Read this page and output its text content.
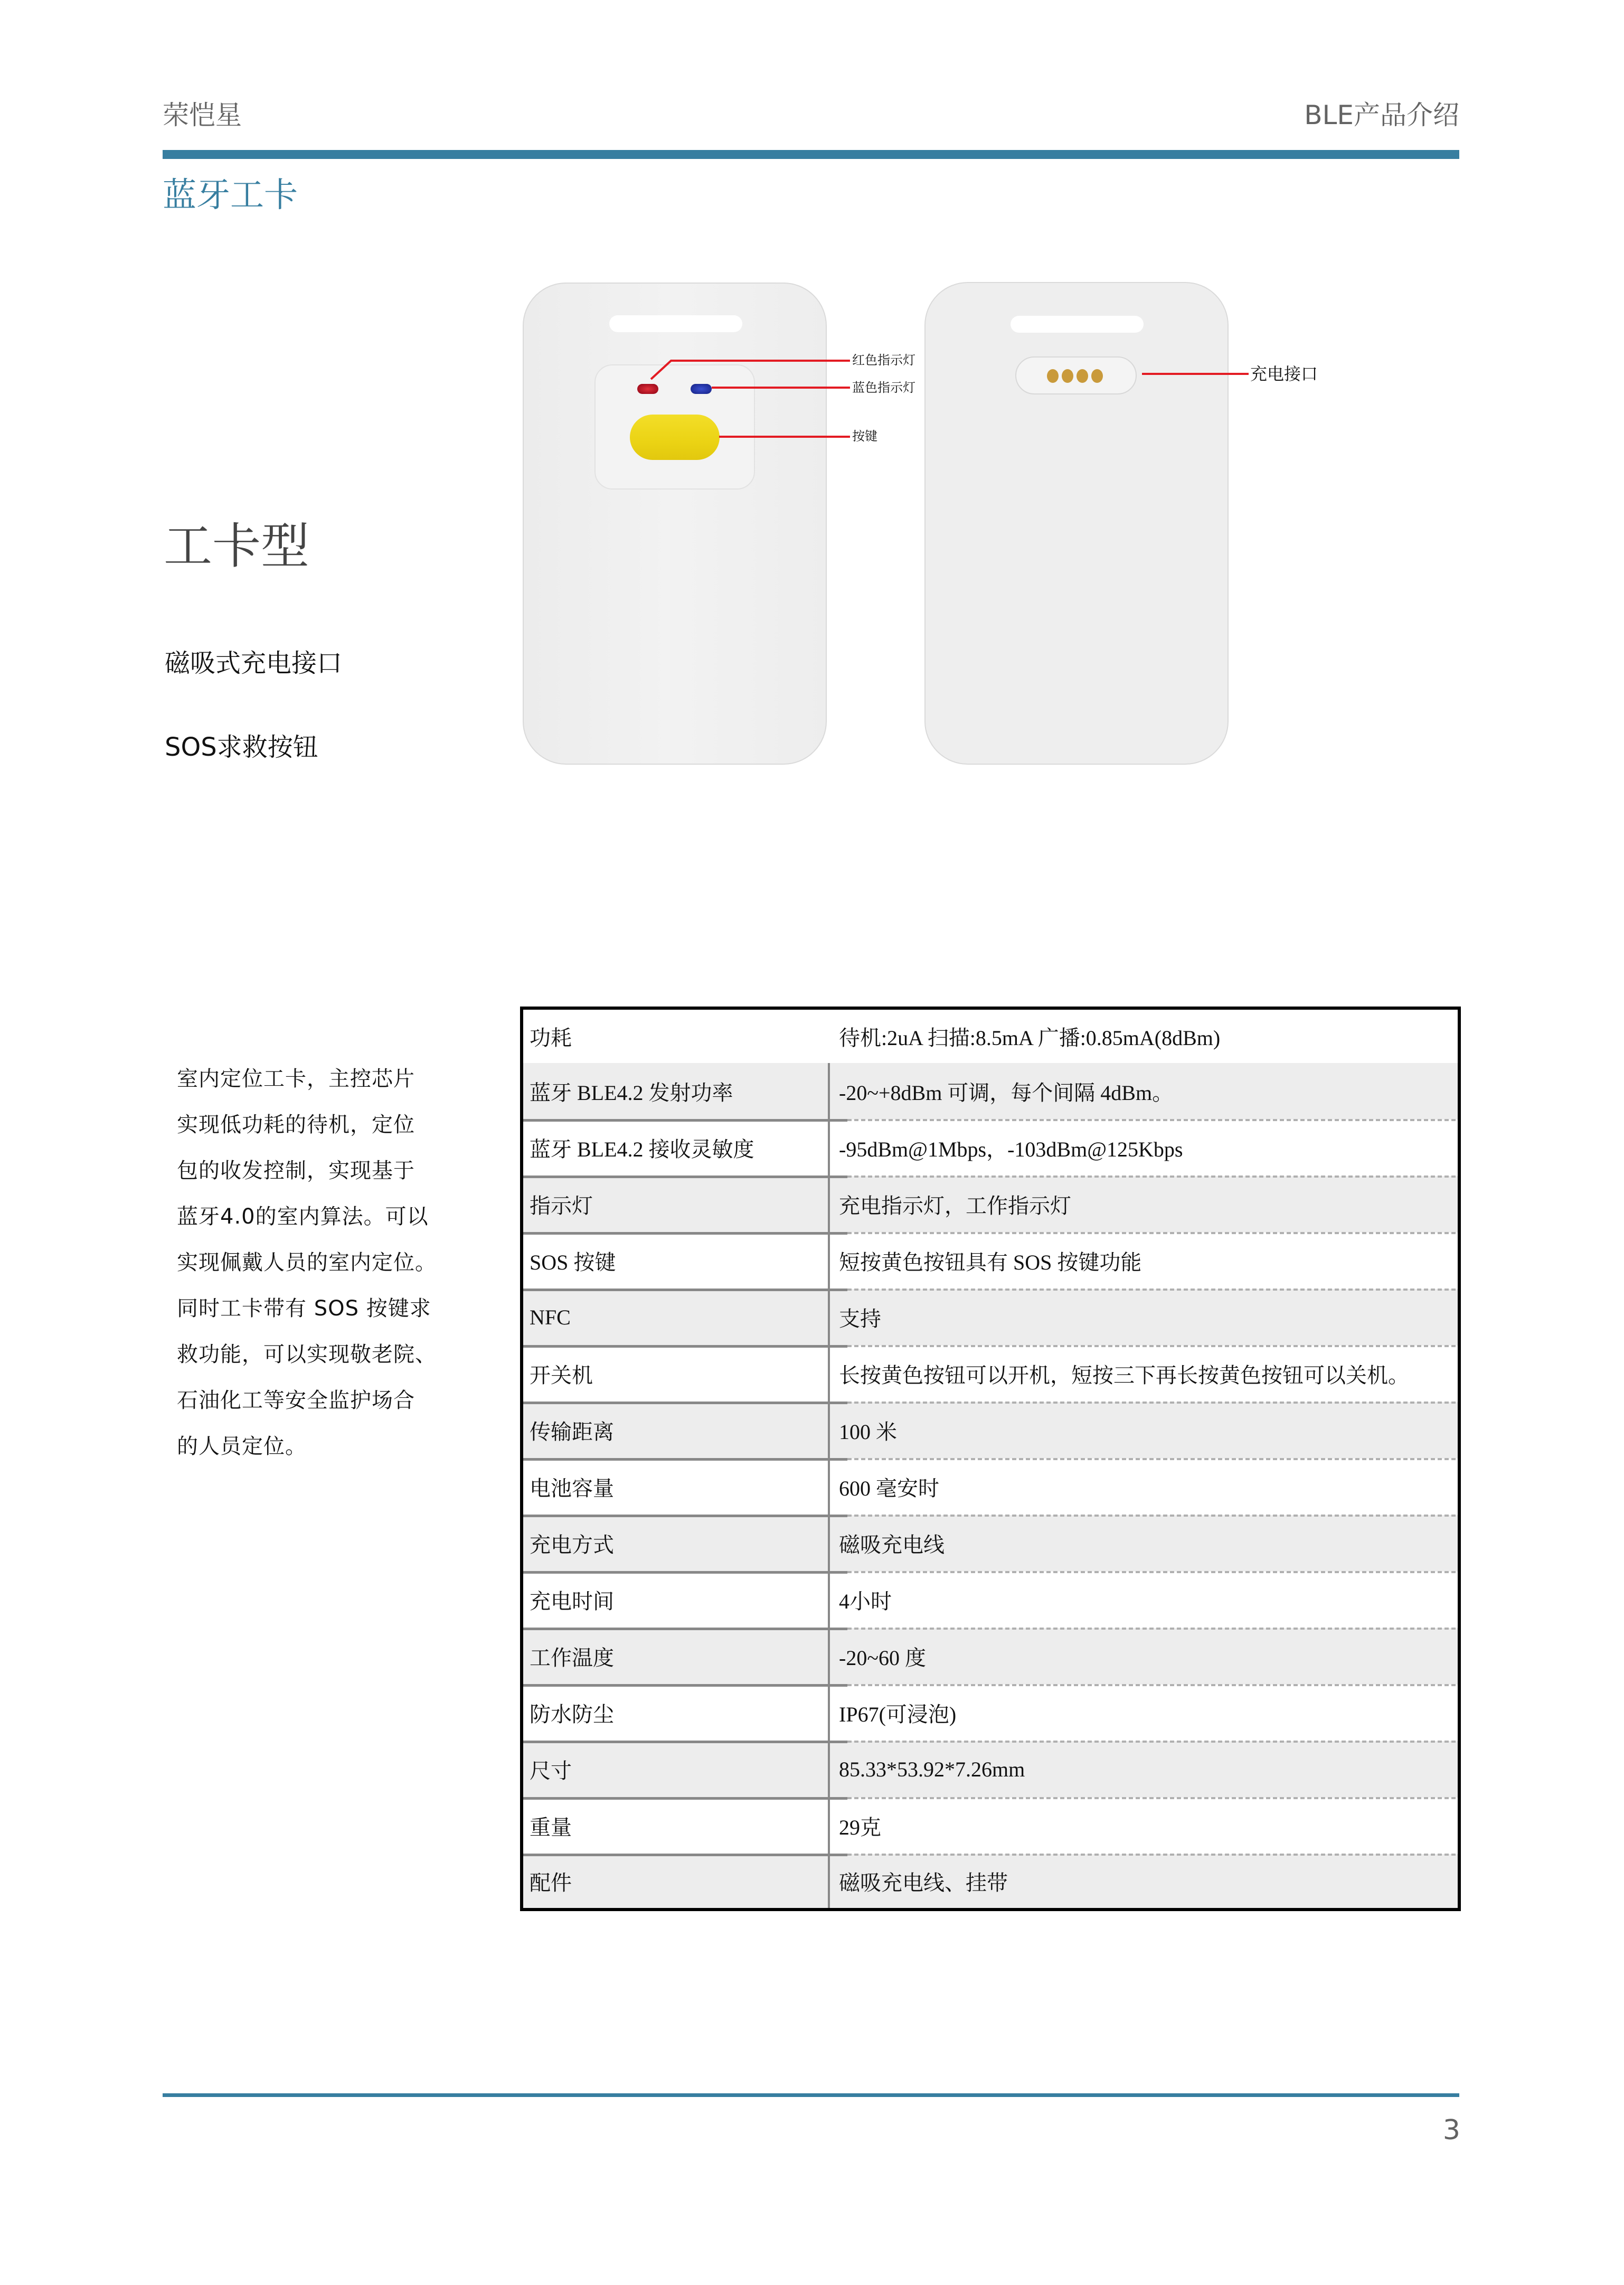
荣恺星	BLE产品介绍
蓝牙工卡
工卡型
磁吸式充电接口
SOS求救按钮
红色指示灯
蓝色指示灯
按键
充电接口
室内定位工卡，主控芯片
实现低功耗的待机，定位
包的收发控制，实现基于
蓝牙4.0的室内算法。可以
实现佩戴人员的室内定位。
同时工卡带有 SOS 按键求
救功能，可以实现敬老院、
石油化工等安全监护场合
的人员定位。
功耗	待机:2uA 扫描:8.5mA 广播:0.85mA(8dBm)
蓝牙 BLE4.2 发射功率	-20~+8dBm 可调，每个间隔 4dBm。
蓝牙 BLE4.2 接收灵敏度	-95dBm@1Mbps，-103dBm@125Kbps
指示灯	充电指示灯，工作指示灯
SOS 按键	短按黄色按钮具有 SOS 按键功能
NFC	支持
开关机	长按黄色按钮可以开机，短按三下再长按黄色按钮可以关机。
传输距离	100 米
电池容量	600 毫安时
充电方式	磁吸充电线
充电时间	4小时
工作温度	-20~60 度
防水防尘	IP67(可浸泡)
尺寸	85.33*53.92*7.26mm
重量	29克
配件	磁吸充电线、挂带
3
